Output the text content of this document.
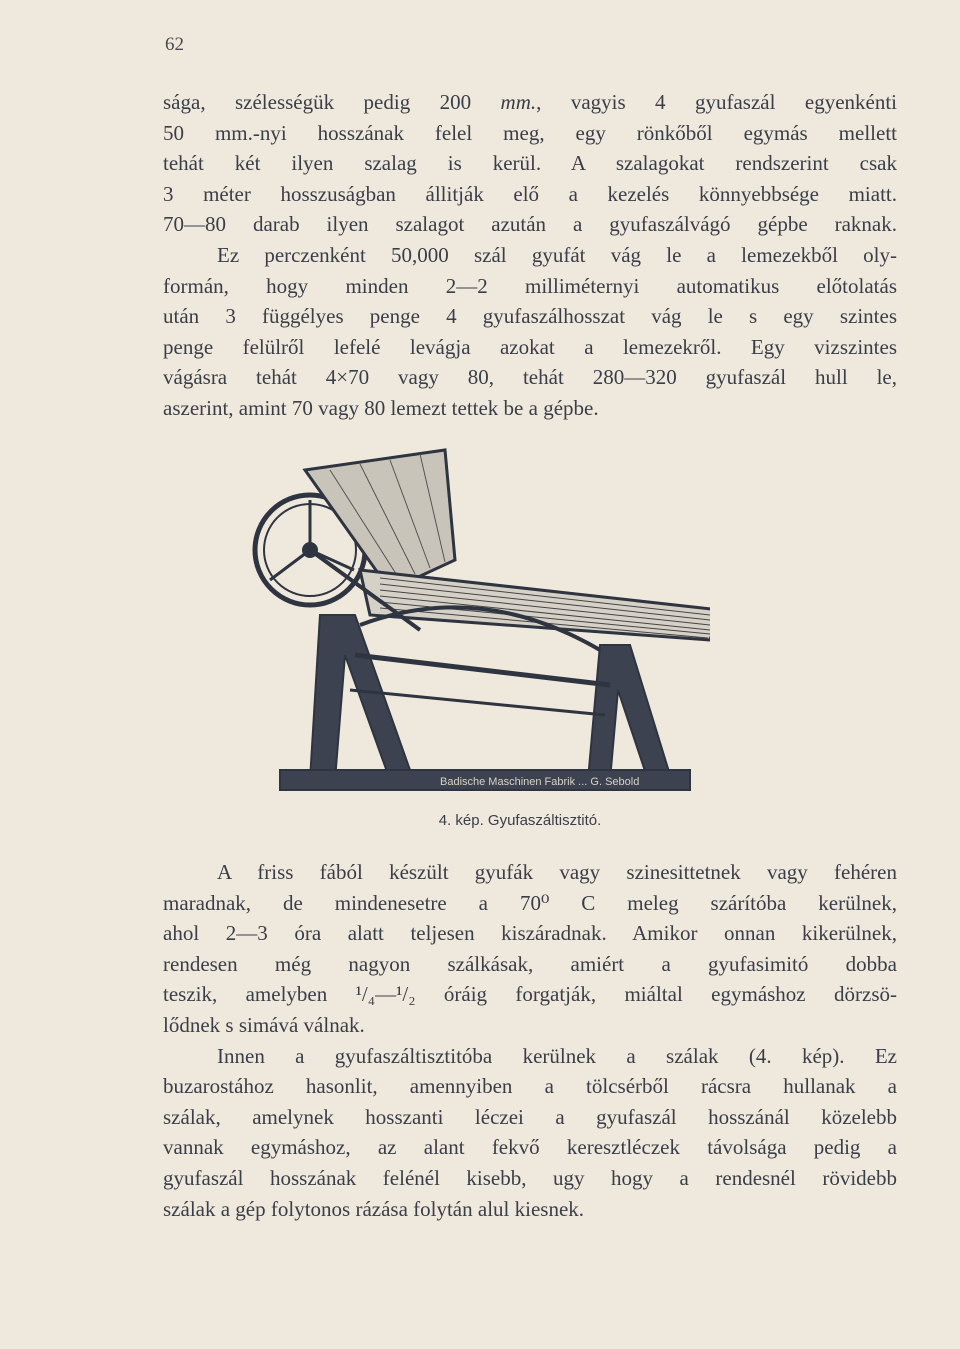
62

sága, szélességük pedig 200 mm., vagyis 4 gyufaszál egyenkénti

50 mm.-nyi hosszának felel meg, egy rönkőből egymás mellett

tehát két ilyen szalag is kerül. A szalagokat rendszerint csak

3 méter hosszuságban állitják elő a kezelés könnyebbsége miatt.

70—80 darab ilyen szalagot azután a gyufaszálvágó gépbe raknak.

Ez perczenként 50,000 szál gyufát vág le a lemezekből oly-

formán, hogy minden 2—2 milliméternyi automatikus előtolatás

után 3 függélyes penge 4 gyufaszálhosszat vág le s egy szintes

penge felülről lefelé levágja azokat a lemezekről. Egy vizszintes

vágásra tehát 4×70 vagy 80, tehát 280—320 gyufaszál hull le,

aszerint, amint 70 vagy 80 lemezt tettek be a gépbe.

Badische Maschinen Fabrik ... G. Sebold
4. kép. Gyufaszáltisztitó.

A friss fából készült gyufák vagy szinesittetnek vagy fehéren

maradnak, de mindenesetre a 70⁰ C meleg szárítóba kerülnek,

ahol 2—3 óra alatt teljesen kiszáradnak. Amikor onnan kikerülnek,

rendesen még nagyon szálkásak, amiért a gyufasimitó dobba

teszik, amelyben ¹/₄—¹/₂ óráig forgatják, miáltal egymáshoz dörzsö-

lődnek s simává válnak.

Innen a gyufaszáltisztitóba kerülnek a szálak (4. kép). Ez

buzarostához hasonlit, amennyiben a tölcsérből rácsra hullanak a

szálak, amelynek hosszanti léczei a gyufaszál hosszánál közelebb

vannak egymáshoz, az alant fekvő keresztléczek távolsága pedig a

gyufaszál hosszának felénél kisebb, ugy hogy a rendesnél rövidebb

szálak a gép folytonos rázása folytán alul kiesnek.
